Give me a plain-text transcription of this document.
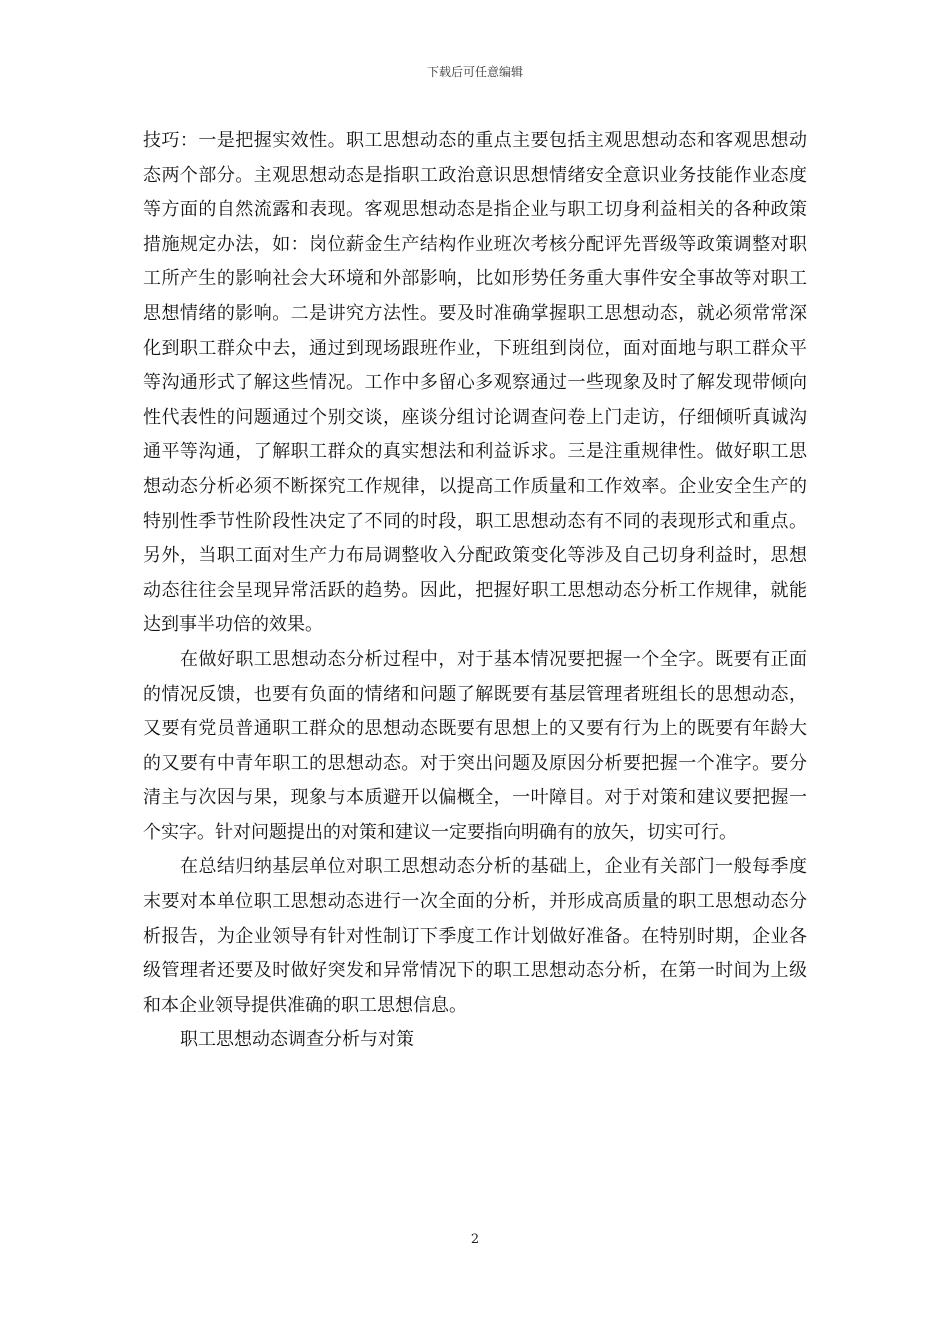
下载后可任意编辑

技巧：一是把握实效性。职工思想动态的重点主要包括主观思想动态和客观思想动态两个部分。主观思想动态是指职工政治意识思想情绪安全意识业务技能作业态度等方面的自然流露和表现。客观思想动态是指企业与职工切身利益相关的各种政策措施规定办法，如：岗位薪金生产结构作业班次考核分配评先晋级等政策调整对职工所产生的影响社会大环境和外部影响，比如形势任务重大事件安全事故等对职工思想情绪的影响。二是讲究方法性。要及时准确掌握职工思想动态，就必须常常深化到职工群众中去，通过到现场跟班作业，下班组到岗位，面对面地与职工群众平等沟通形式了解这些情况。工作中多留心多观察通过一些现象及时了解发现带倾向性代表性的问题通过个别交谈，座谈分组讨论调查问卷上门走访，仔细倾听真诚沟通平等沟通，了解职工群众的真实想法和利益诉求。三是注重规律性。做好职工思想动态分析必须不断探究工作规律，以提高工作质量和工作效率。企业安全生产的特别性季节性阶段性决定了不同的时段，职工思想动态有不同的表现形式和重点。另外，当职工面对生产力布局调整收入分配政策变化等涉及自己切身利益时，思想动态往往会呈现异常活跃的趋势。因此，把握好职工思想动态分析工作规律，就能达到事半功倍的效果。

在做好职工思想动态分析过程中，对于基本情况要把握一个全字。既要有正面的情况反馈，也要有负面的情绪和问题了解既要有基层管理者班组长的思想动态，又要有党员普通职工群众的思想动态既要有思想上的又要有行为上的既要有年龄大的又要有中青年职工的思想动态。对于突出问题及原因分析要把握一个准字。要分清主与次因与果，现象与本质避开以偏概全，一叶障目。对于对策和建议要把握一个实字。针对问题提出的对策和建议一定要指向明确有的放矢，切实可行。

在总结归纳基层单位对职工思想动态分析的基础上，企业有关部门一般每季度末要对本单位职工思想动态进行一次全面的分析，并形成高质量的职工思想动态分析报告，为企业领导有针对性制订下季度工作计划做好准备。在特别时期，企业各级管理者还要及时做好突发和异常情况下的职工思想动态分析，在第一时间为上级和本企业领导提供准确的职工思想信息。

职工思想动态调查分析与对策

2
